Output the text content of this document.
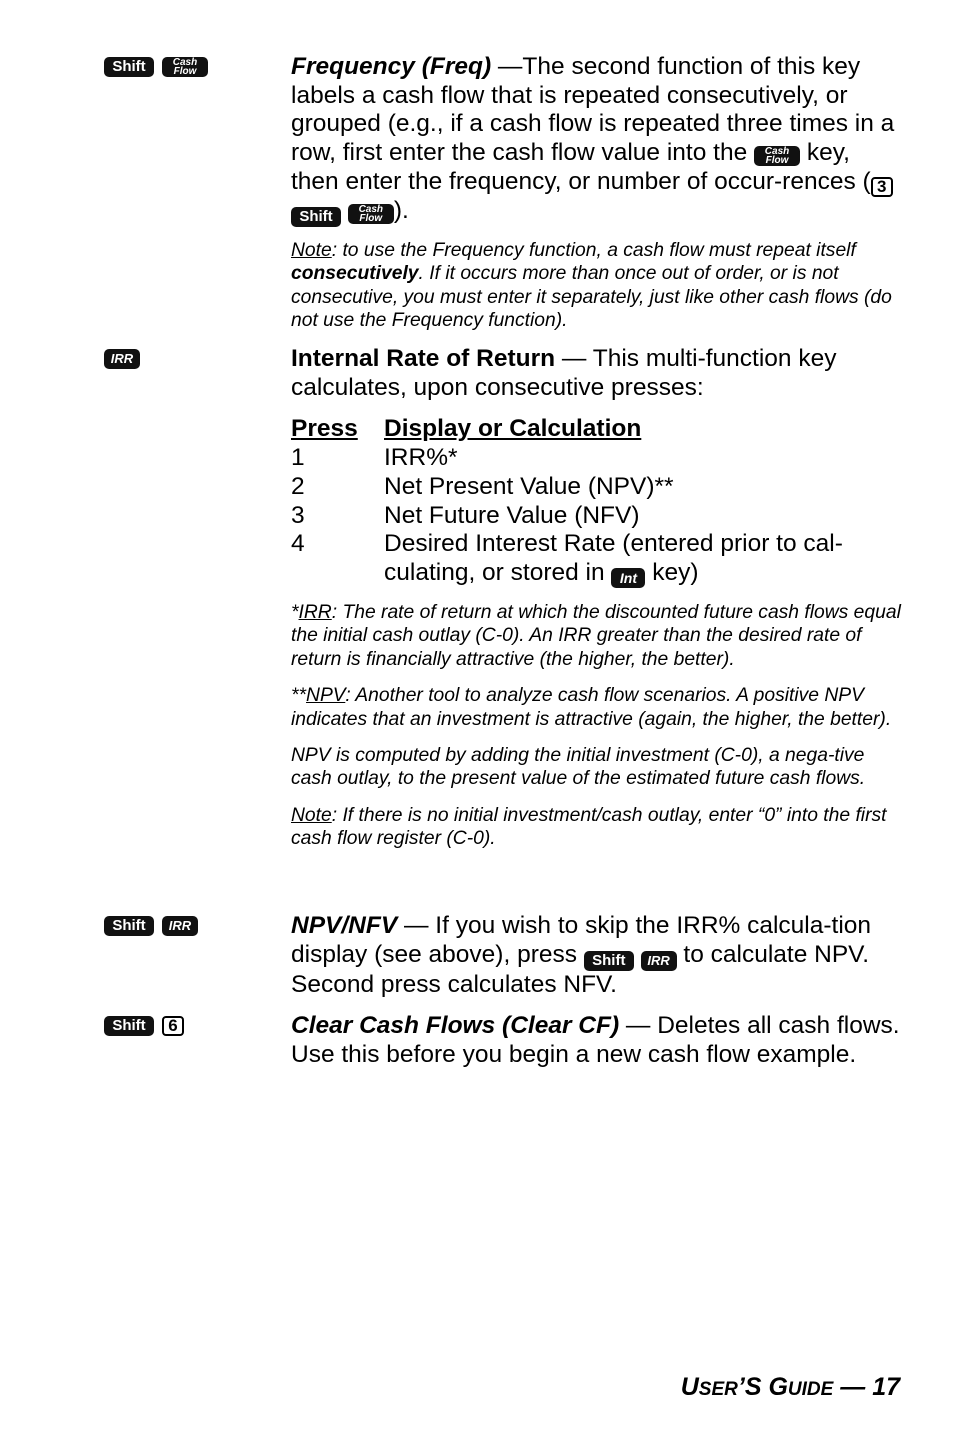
Shift	Cash
Flow	Frequency (Freq) —The second function of this key labels a cash flow that is repeated consecutively, or grouped (e.g., if a cash flow is repeated three times in a row, first enter the cash flow value into the Cash
Flow key, then enter the frequency, or number of occur-rences ( 3 Shift	Cash
Flow ).

Note: to use the Frequency function, a cash flow must repeat itself consecutively. If it occurs more than once out of order, or is not consecutive, you must enter it separately, just like other cash flows (do not use the Frequency function).

IRR	Internal Rate of Return — This multi-function key calculates, upon consecutive presses:

Press	Display or Calculation
1	IRR%*
2	Net Present Value (NPV)**
3	Net Future Value (NFV)
4	Desired Interest Rate (entered prior to cal-culating, or stored in Int key)

*IRR: The rate of return at which the discounted future cash flows equal the initial cash outlay (C-0). An IRR greater than the desired rate of return is financially attractive (the higher, the better).

**NPV: Another tool to analyze cash flow scenarios. A positive NPV indicates that an investment is attractive (again, the higher, the better).

NPV is computed by adding the initial investment (C-0), a nega-tive cash outlay, to the present value of the estimated future cash flows.

Note: If there is no initial investment/cash outlay, enter “0” into the first cash flow register (C-0).

Shift	IRR	NPV/NFV — If you wish to skip the IRR% calcula-tion display (see above), press Shift IRR to calculate NPV. Second press calculates NFV.

Shift	6	Clear Cash Flows (Clear CF) — Deletes all cash flows. Use this before you begin a new cash flow example.

USER’S GUIDE — 17
